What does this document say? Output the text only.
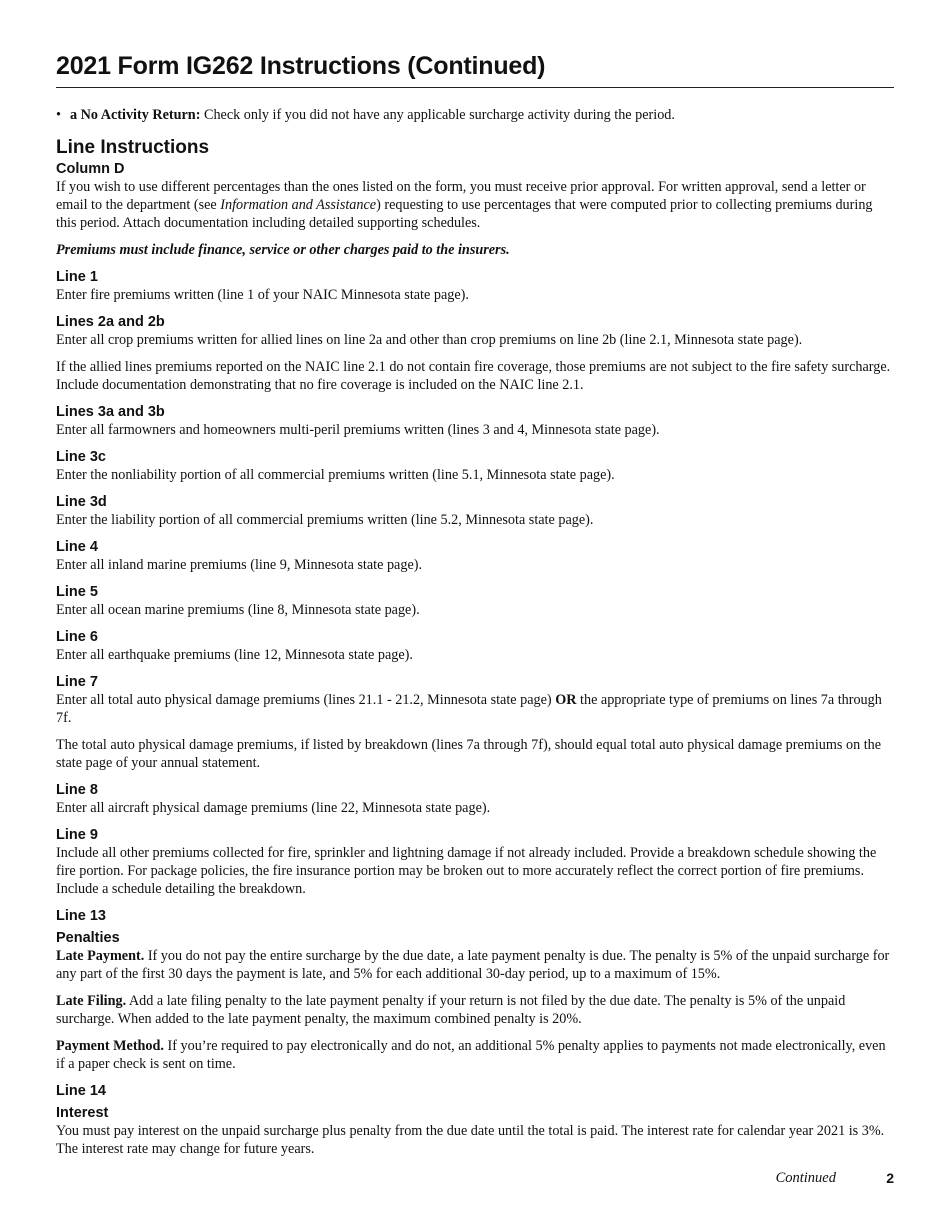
2021 Form IG262 Instructions (Continued)
• a No Activity Return: Check only if you did not have any applicable surcharge activity during the period.
Line Instructions
Column D

If you wish to use different percentages than the ones listed on the form, you must receive prior approval. For written approval, send a letter or email to the department (see Information and Assistance) requesting to use percentages that were computed prior to collecting premiums during this period. Attach documentation including detailed supporting schedules.

Premiums must include finance, service or other charges paid to the insurers.

Line 1

Enter fire premiums written (line 1 of your NAIC Minnesota state page).

Lines 2a and 2b

Enter all crop premiums written for allied lines on line 2a and other than crop premiums on line 2b (line 2.1, Minnesota state page).

If the allied lines premiums reported on the NAIC line 2.1 do not contain fire coverage, those premiums are not subject to the fire safety surcharge. Include documentation demonstrating that no fire coverage is included on the NAIC line 2.1.

Lines 3a and 3b

Enter all farmowners and homeowners multi-peril premiums written (lines 3 and 4, Minnesota state page).

Line 3c

Enter the nonliability portion of all commercial premiums written (line 5.1, Minnesota state page).

Line 3d

Enter the liability portion of all commercial premiums written (line 5.2, Minnesota state page).

Line 4

Enter all inland marine premiums (line 9, Minnesota state page).

Line 5

Enter all ocean marine premiums (line 8, Minnesota state page).

Line 6

Enter all earthquake premiums (line 12, Minnesota state page).

Line 7

Enter all total auto physical damage premiums (lines 21.1 - 21.2, Minnesota state page) OR the appropriate type of premiums on lines 7a through 7f.

The total auto physical damage premiums, if listed by breakdown (lines 7a through 7f), should equal total auto physical damage premiums on the state page of your annual statement.

Line 8

Enter all aircraft physical damage premiums (line 22, Minnesota state page).

Line 9

Include all other premiums collected for fire, sprinkler and lightning damage if not already included. Provide a breakdown schedule showing the fire portion. For package policies, the fire insurance portion may be broken out to more accurately reflect the correct portion of fire premiums. Include a schedule detailing the breakdown.

Line 13
Penalties

Late Payment. If you do not pay the entire surcharge by the due date, a late payment penalty is due. The penalty is 5% of the unpaid surcharge for any part of the first 30 days the payment is late, and 5% for each additional 30-day period, up to a maximum of 15%.

Late Filing. Add a late filing penalty to the late payment penalty if your return is not filed by the due date. The penalty is 5% of the unpaid surcharge. When added to the late payment penalty, the maximum combined penalty is 20%.

Payment Method. If you’re required to pay electronically and do not, an additional 5% penalty applies to payments not made electronically, even if a paper check is sent on time.

Line 14
Interest

You must pay interest on the unpaid surcharge plus penalty from the due date until the total is paid. The interest rate for calendar year 2021 is 3%. The interest rate may change for future years.

Continued	2
